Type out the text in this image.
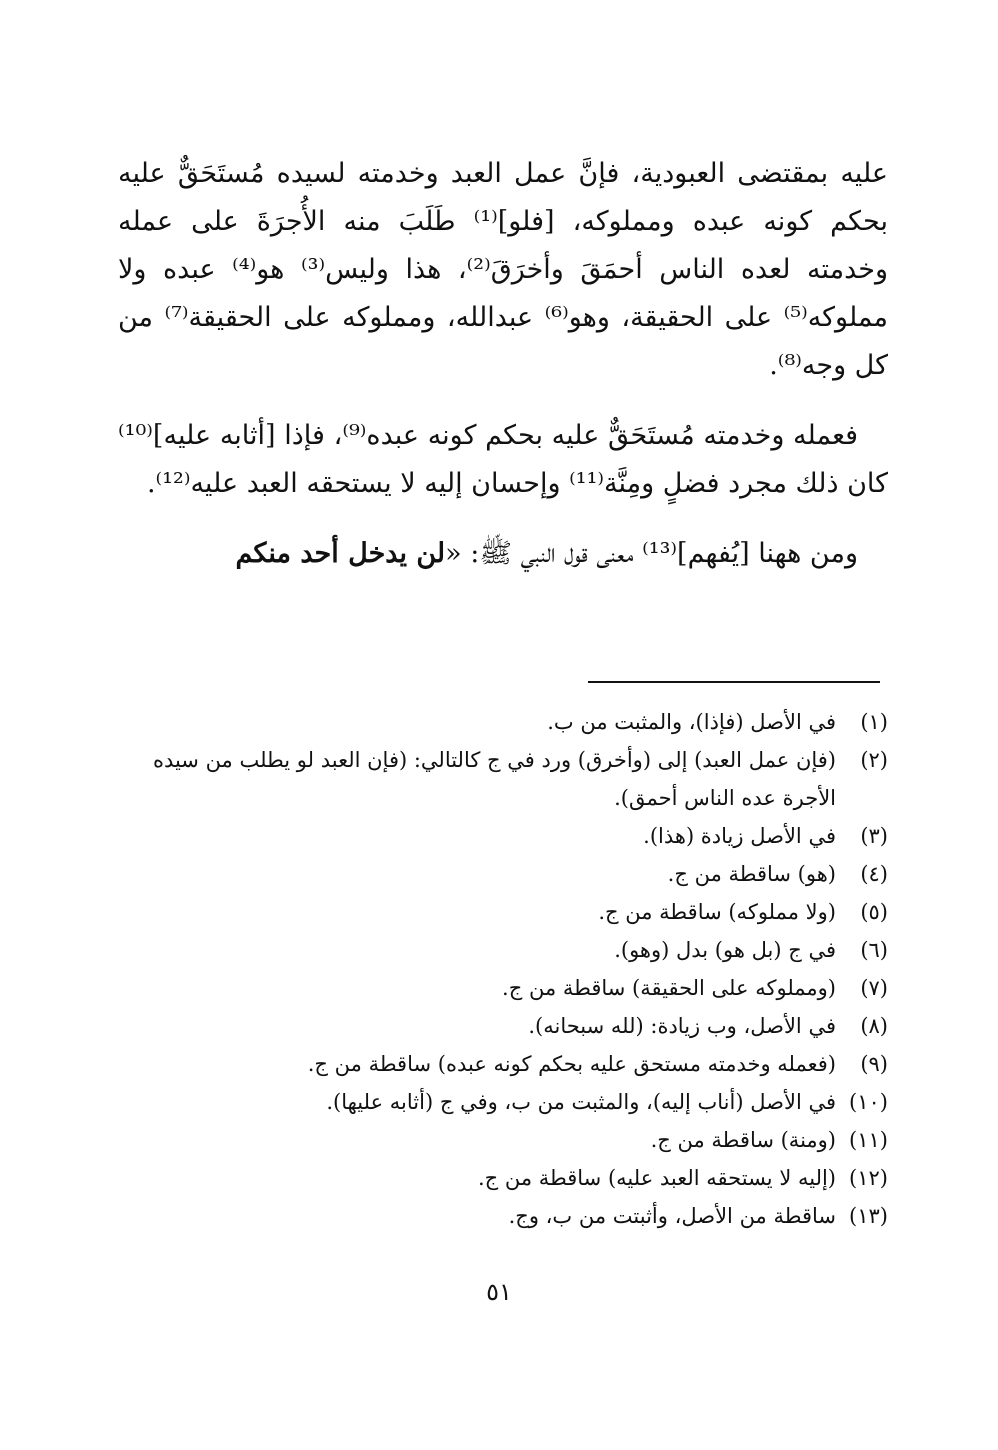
عليه بمقتضى العبودية، فإنَّ عمل العبد وخدمته لسيده مُستَحَقٌّ عليه بحكم كونه عبده ومملوكه، [فلو]⁽¹⁾ طَلَبَ منه الأُجرَةَ على عمله وخدمته لعده الناس أحمَقَ وأخرَقَ⁽²⁾، هذا وليس⁽³⁾ هو⁽⁴⁾ عبده ولا مملوكه⁽⁵⁾ على الحقيقة، وهو⁽⁶⁾ عبدالله، ومملوكه على الحقيقة⁽⁷⁾ من كل وجه⁽⁸⁾.

فعمله وخدمته مُستَحَقٌّ عليه بحكم كونه عبده⁽⁹⁾، فإذا [أثابه عليه]⁽¹⁰⁾ كان ذلك مجرد فضلٍ ومِنَّة⁽¹¹⁾ وإحسان إليه لا يستحقه العبد عليه⁽¹²⁾.

ومن ههنا [يُفهم]⁽¹³⁾ معنى قول النبي ﷺ: «لن يدخل أحد منكم

(١)
في الأصل (فإذا)، والمثبت من ب.
(٢)
(فإن عمل العبد) إلى (وأخرق) ورد في ج كالتالي: (فإن العبد لو يطلب من سيده الأجرة عده الناس أحمق).
(٣)
في الأصل زيادة (هذا).
(٤)
(هو) ساقطة من ج.
(٥)
(ولا مملوكه) ساقطة من ج.
(٦)
في ج (بل هو) بدل (وهو).
(٧)
(ومملوكه على الحقيقة) ساقطة من ج.
(٨)
في الأصل، وب زيادة: (لله سبحانه).
(٩)
(فعمله وخدمته مستحق عليه بحكم كونه عبده) ساقطة من ج.
(١٠)
في الأصل (أناب إليه)، والمثبت من ب، وفي ج (أثابه عليها).
(١١)
(ومنة) ساقطة من ج.
(١٢)
(إليه لا يستحقه العبد عليه) ساقطة من ج.
(١٣)
ساقطة من الأصل، وأثبتت من ب، وج.
٥١
